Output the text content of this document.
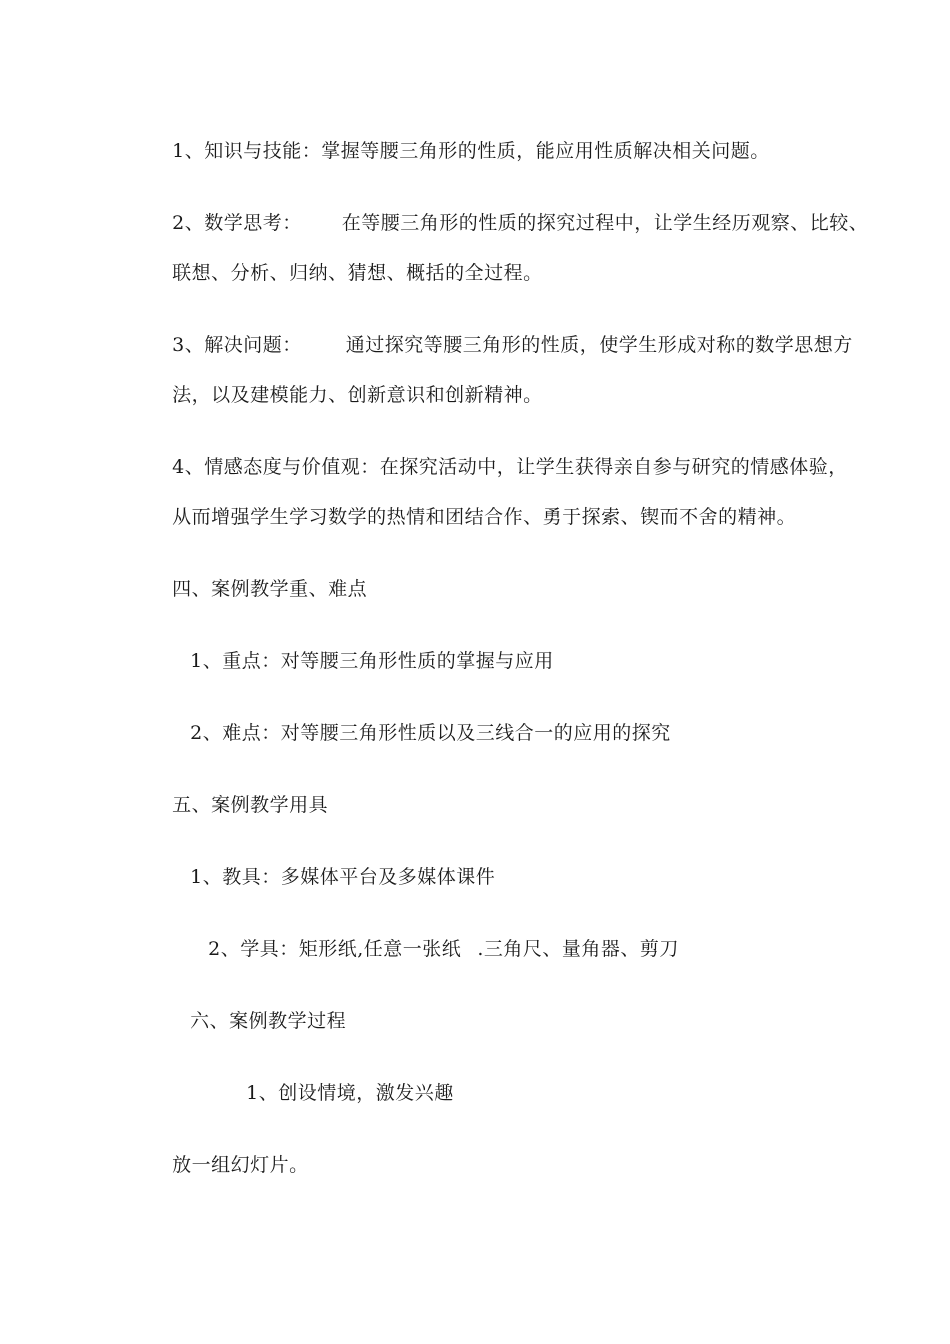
1、知识与技能：掌握等腰三角形的性质，能应用性质解决相关问题。

2、数学思考： 在等腰三角形的性质的探究过程中，让学生经历观察、比较、

联想、分析、归纳、猜想、概括的全过程。

3、解决问题： 通过探究等腰三角形的性质，使学生形成对称的数学思想方

法，以及建模能力、创新意识和创新精神。

4、情感态度与价值观：在探究活动中，让学生获得亲自参与研究的情感体验，

从而增强学生学习数学的热情和团结合作、勇于探索、锲而不舍的精神。

四、案例教学重、难点

1、重点：对等腰三角形性质的掌握与应用

2、难点：对等腰三角形性质以及三线合一的应用的探究

五、案例教学用具

1、教具：多媒体平台及多媒体课件

2、学具：矩形纸,任意一张纸 .三角尺、量角器、剪刀

六、案例教学过程

1、创设情境，激发兴趣

放一组幻灯片。
